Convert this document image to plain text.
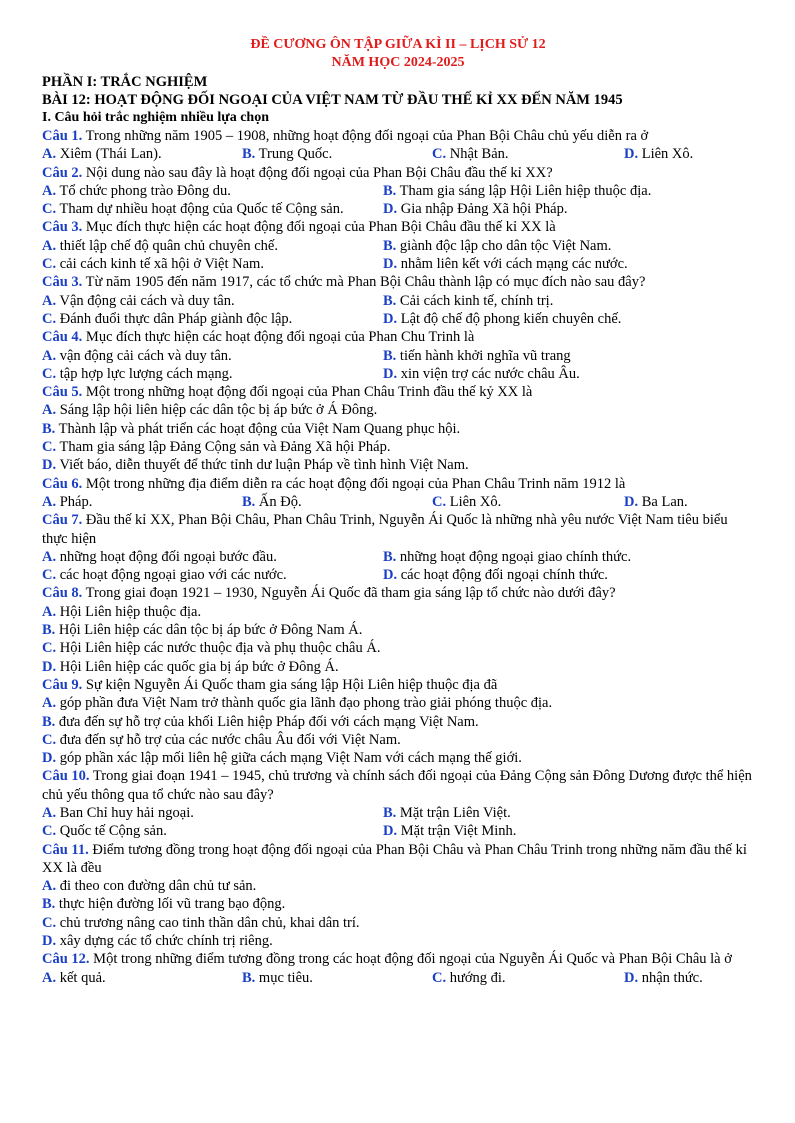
ĐỀ CƯƠNG ÔN TẬP GIỮA KÌ II – LỊCH SỬ 12
NĂM HỌC 2024-2025
PHẦN I: TRẮC NGHIỆM
BÀI 12: HOẠT ĐỘNG ĐỐI NGOẠI CỦA VIỆT NAM TỪ ĐẦU THẾ KỈ XX ĐẾN NĂM 1945
I. Câu hỏi trắc nghiệm nhiều lựa chọn
Câu 1. Trong những năm 1905 – 1908, những hoạt động đối ngoại của Phan Bội Châu chủ yếu diễn ra ở
A. Xiêm (Thái Lan).	B. Trung Quốc.	C. Nhật Bản.	D. Liên Xô.
Câu 2. Nội dung nào sau đây là hoạt động đối ngoại của Phan Bội Châu đầu thế kỉ XX?
A. Tổ chức phong trào Đông du.	B. Tham gia sáng lập Hội Liên hiệp thuộc địa.
C. Tham dự nhiều hoạt động của Quốc tế Cộng sản.	D. Gia nhập Đảng Xã hội Pháp.
Câu 3. Mục đích thực hiện các hoạt động đối ngoại của Phan Bội Châu đầu thế kỉ XX là
A. thiết lập chế độ quân chủ chuyên chế.	B. giành độc lập cho dân tộc Việt Nam.
C. cải cách kinh tế xã hội ở Việt Nam.	D. nhằm liên kết với cách mạng các nước.
Câu 3. Từ năm 1905 đến năm 1917, các tổ chức mà Phan Bội Châu thành lập có mục đích nào sau đây?
A. Vận động cải cách và duy tân.	B. Cải cách kinh tế, chính trị.
C. Đánh đuổi thực dân Pháp giành độc lập.	D. Lật độ chế độ phong kiến chuyên chế.
Câu 4. Mục đích thực hiện các hoạt động đối ngoại của Phan Chu Trinh là
A. vận động cải cách và duy tân.	B. tiến hành khởi nghĩa vũ trang
C. tập hợp lực lượng cách mạng.	D. xin viện trợ các nước châu Âu.
Câu 5. Một trong những hoạt động đối ngoại của Phan Châu Trinh đầu thế kỷ XX là
A. Sáng lập hội liên hiệp các dân tộc bị áp bức ở Á Đông.
B. Thành lập và phát triển các hoạt động của Việt Nam Quang phục hội.
C. Tham gia sáng lập Đảng Cộng sản và Đảng Xã hội Pháp.
D. Viết báo, diễn thuyết để thức tỉnh dư luận Pháp về tình hình Việt Nam.
Câu 6. Một trong những địa điểm diễn ra các hoạt động đối ngoại của Phan Châu Trinh năm 1912 là
A. Pháp.	B. Ấn Độ.	C. Liên Xô.	D. Ba Lan.
Câu 7. Đầu thế kỉ XX, Phan Bội Châu, Phan Châu Trinh, Nguyễn Ái Quốc là những nhà yêu nước Việt Nam tiêu biểu thực hiện
A. những hoạt động đối ngoại bước đầu.	B. những hoạt động ngoại giao chính thức.
C. các hoạt động ngoại giao với các nước.	D. các hoạt động đối ngoại chính thức.
Câu 8. Trong giai đoạn 1921 – 1930, Nguyễn Ái Quốc đã tham gia sáng lập tổ chức nào dưới đây?
A. Hội Liên hiệp thuộc địa.
B. Hội Liên hiệp các dân tộc bị áp bức ở Đông Nam Á.
C. Hội Liên hiệp các nước thuộc địa và phụ thuộc châu Á.
D. Hội Liên hiệp các quốc gia bị áp bức ở Đông Á.
Câu 9. Sự kiện Nguyễn Ái Quốc tham gia sáng lập Hội Liên hiệp thuộc địa đã
A. góp phần đưa Việt Nam trở thành quốc gia lãnh đạo phong trào giải phóng thuộc địa.
B. đưa đến sự hỗ trợ của khối Liên hiệp Pháp đối với cách mạng Việt Nam.
C. đưa đến sự hỗ trợ của các nước châu Âu đối với Việt Nam.
D. góp phần xác lập mối liên hệ giữa cách mạng Việt Nam với cách mạng thế giới.
Câu 10. Trong giai đoạn 1941 – 1945, chủ trương và chính sách đối ngoại của Đảng Cộng sản Đông Dương được thể hiện chủ yếu thông qua tổ chức nào sau đây?
A. Ban Chỉ huy hải ngoại.	B. Mặt trận Liên Việt.
C. Quốc tế Cộng sản.	D. Mặt trận Việt Minh.
Câu 11. Điểm tương đồng trong hoạt động đối ngoại của Phan Bội Châu và Phan Châu Trinh trong những năm đầu thế kỉ XX là đều
A. đi theo con đường dân chủ tư sản.
B. thực hiện đường lối vũ trang bạo động.
C. chủ trương nâng cao tinh thần dân chủ, khai dân trí.
D. xây dựng các tổ chức chính trị riêng.
Câu 12. Một trong những điểm tương đồng trong các hoạt động đối ngoại của Nguyễn Ái Quốc và Phan Bội Châu là ở
A. kết quả.	B. mục tiêu.	C. hướng đi.	D. nhận thức.
